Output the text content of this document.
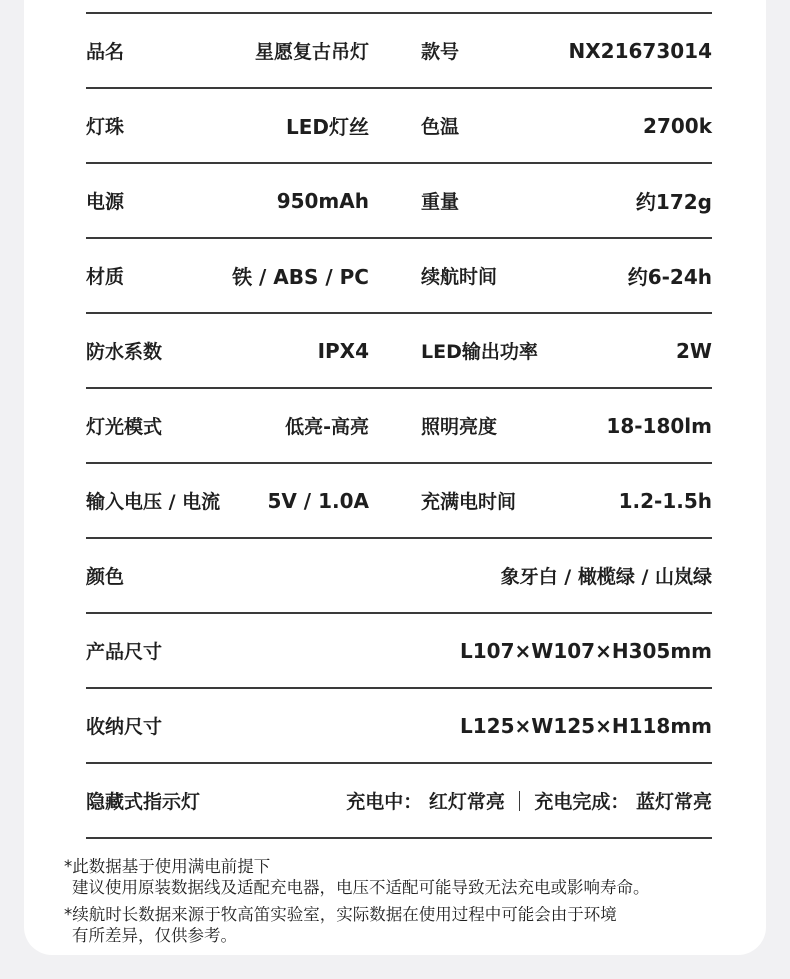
品名	星愿复古吊灯	款号	NX21673014
灯珠	LED灯丝	色温	2700k
电源	950mAh	重量	约172g
材质	铁 / ABS / PC	续航时间	约6-24h
防水系数	IPX4	LED输出功率	2W
灯光模式	低亮-高亮	照明亮度	18-180lm
输入电压 / 电流 5V / 1.0A	充满电时间	1.2-1.5h
颜色	象牙白 / 橄榄绿 / 山岚绿
产品尺寸	L107×W107×H305mm
收纳尺寸	L125×W125×H118mm
隐藏式指示灯	充电中： 红灯常亮 充电完成： 蓝灯常亮
*此数据基于使用满电前提下
建议使用原装数据线及适配充电器，电压不适配可能导致无法充电或影响寿命。
*续航时长数据来源于牧高笛实验室，实际数据在使用过程中可能会由于环境
有所差异，仅供参考。
